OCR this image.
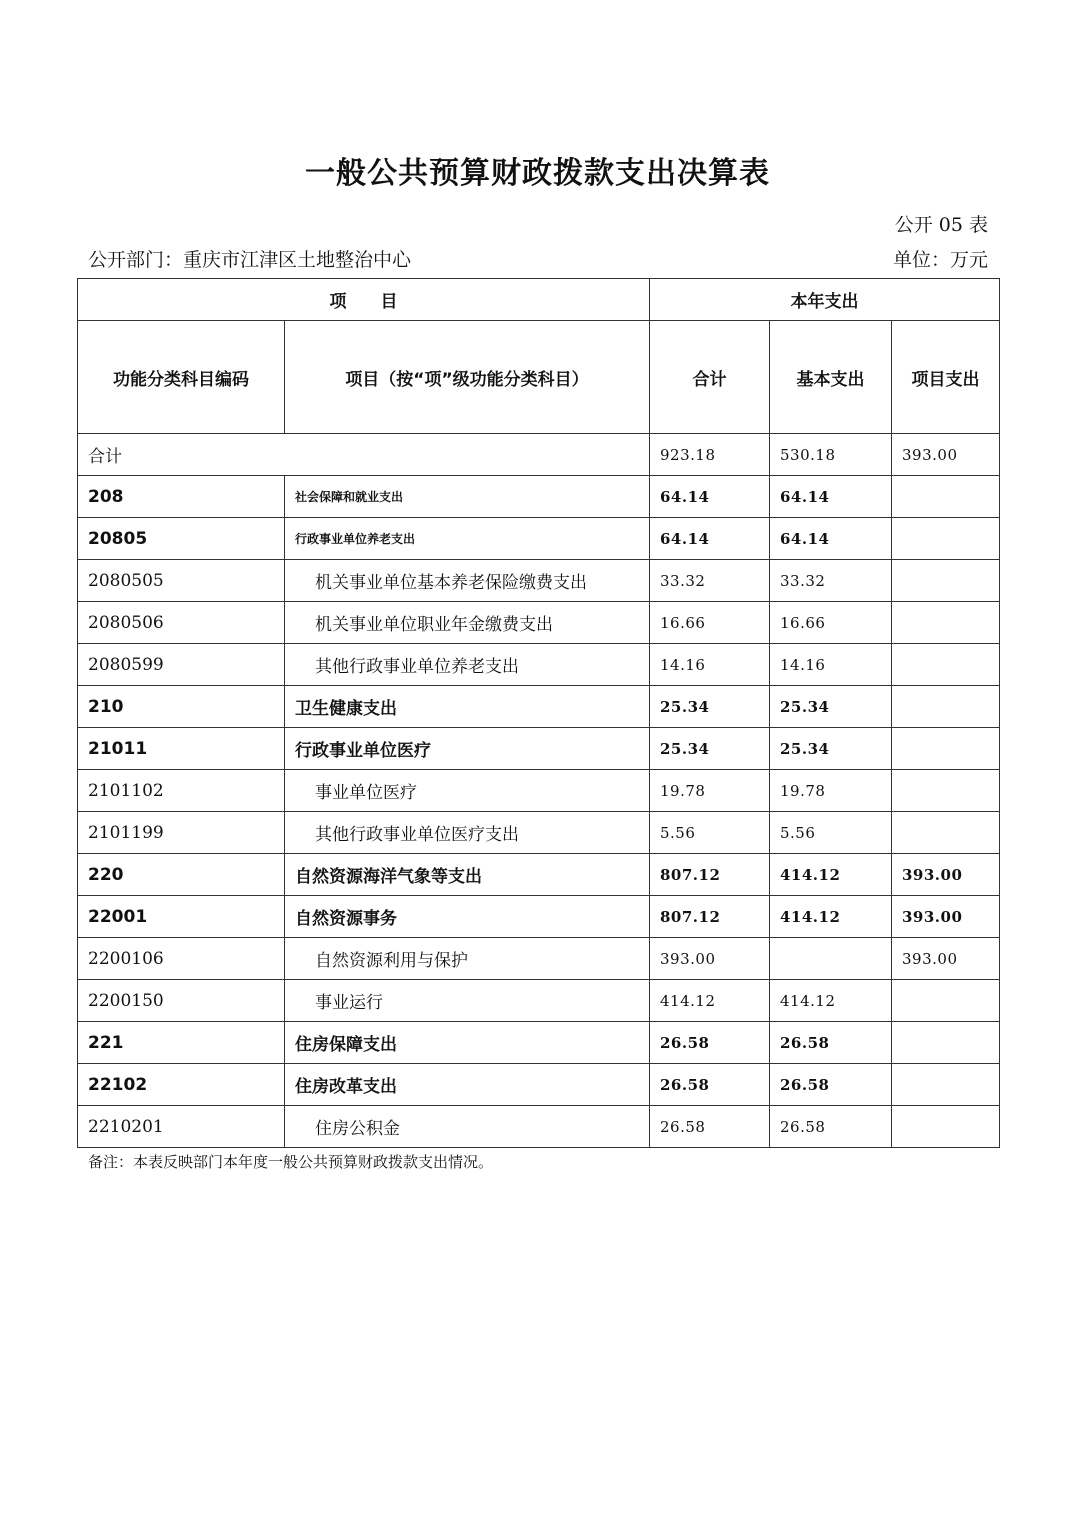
一般公共预算财政拨款支出决算表
公开 05 表
公开部门：重庆市江津区土地整治中心	单位：万元
项　　目		本年支出		
功能分类科目编码	项目（按“项”级功能分类科目）	合计	基本支出	项目支出
合计		923.18	530.18	393.00
208	社会保障和就业支出	64.14	64.14	
20805	行政事业单位养老支出	64.14	64.14	
2080505	机关事业单位基本养老保险缴费支出	33.32	33.32	
2080506	机关事业单位职业年金缴费支出	16.66	16.66	
2080599	其他行政事业单位养老支出	14.16	14.16	
210	卫生健康支出	25.34	25.34	
21011	行政事业单位医疗	25.34	25.34	
2101102	事业单位医疗	19.78	19.78	
2101199	其他行政事业单位医疗支出	5.56	5.56	
220	自然资源海洋气象等支出	807.12	414.12	393.00
22001	自然资源事务	807.12	414.12	393.00
2200106	自然资源利用与保护	393.00		393.00
2200150	事业运行	414.12	414.12	
221	住房保障支出	26.58	26.58	
22102	住房改革支出	26.58	26.58	
2210201	住房公积金	26.58	26.58	
备注：本表反映部门本年度一般公共预算财政拨款支出情况。
